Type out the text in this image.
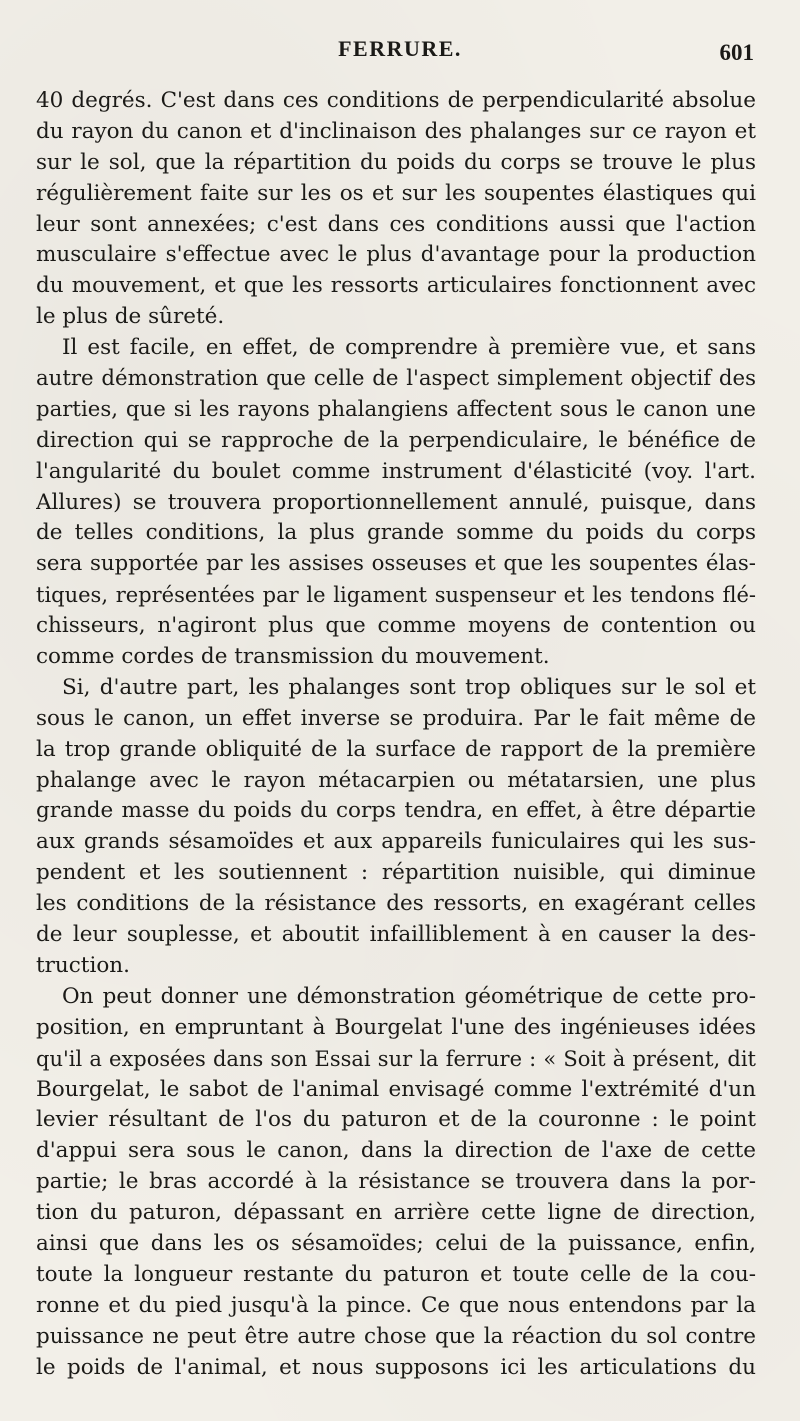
FERRURE.	601
40 degrés. C'est dans ces conditions de perpendicularité absolue
du rayon du canon et d'inclinaison des phalanges sur ce rayon et
sur le sol, que la répartition du poids du corps se trouve le plus
régulièrement faite sur les os et sur les soupentes élastiques qui
leur sont annexées; c'est dans ces conditions aussi que l'action
musculaire s'effectue avec le plus d'avantage pour la production
du mouvement, et que les ressorts articulaires fonctionnent avec
le plus de sûreté.
Il est facile, en effet, de comprendre à première vue, et sans
autre démonstration que celle de l'aspect simplement objectif des
parties, que si les rayons phalangiens affectent sous le canon une
direction qui se rapproche de la perpendiculaire, le bénéfice de
l'angularité du boulet comme instrument d'élasticité (voy. l'art.
Allures) se trouvera proportionnellement annulé, puisque, dans
de telles conditions, la plus grande somme du poids du corps
sera supportée par les assises osseuses et que les soupentes élas-
tiques, représentées par le ligament suspenseur et les tendons flé-
chisseurs, n'agiront plus que comme moyens de contention ou
comme cordes de transmission du mouvement.
Si, d'autre part, les phalanges sont trop obliques sur le sol et
sous le canon, un effet inverse se produira. Par le fait même de
la trop grande obliquité de la surface de rapport de la première
phalange avec le rayon métacarpien ou métatarsien, une plus
grande masse du poids du corps tendra, en effet, à être départie
aux grands sésamoïdes et aux appareils funiculaires qui les sus-
pendent et les soutiennent : répartition nuisible, qui diminue
les conditions de la résistance des ressorts, en exagérant celles
de leur souplesse, et aboutit infailliblement à en causer la des-
truction.
On peut donner une démonstration géométrique de cette pro-
position, en empruntant à Bourgelat l'une des ingénieuses idées
qu'il a exposées dans son Essai sur la ferrure : « Soit à présent, dit
Bourgelat, le sabot de l'animal envisagé comme l'extrémité d'un
levier résultant de l'os du paturon et de la couronne : le point
d'appui sera sous le canon, dans la direction de l'axe de cette
partie; le bras accordé à la résistance se trouvera dans la por-
tion du paturon, dépassant en arrière cette ligne de direction,
ainsi que dans les os sésamoïdes; celui de la puissance, enfin,
toute la longueur restante du paturon et toute celle de la cou-
ronne et du pied jusqu'à la pince. Ce que nous entendons par la
puissance ne peut être autre chose que la réaction du sol contre
le poids de l'animal, et nous supposons ici les articulations du
